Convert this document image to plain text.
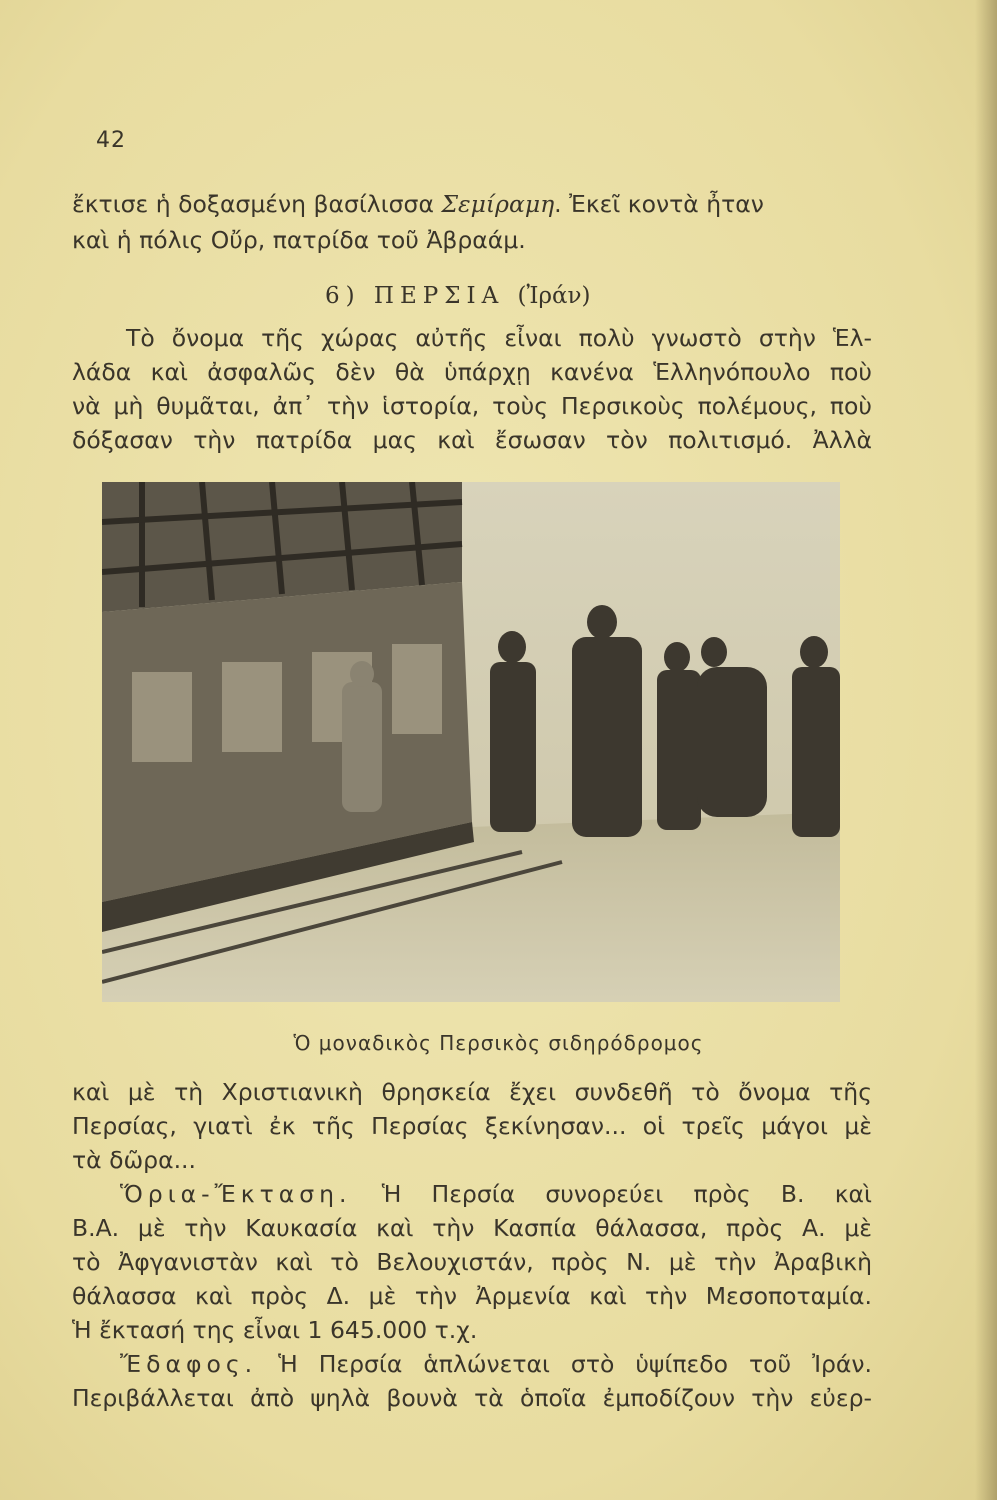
42
ἔκτισε ἡ δοξασμένη βασίλισσα Σεμίραμη. Ἐκεῖ κοντὰ ἦταν
καὶ ἡ πόλις Οὔρ, πατρίδα τοῦ Ἀβραάμ.
6) ΠΕΡΣΙΑ (Ἰράν)
Τὸ ὄνομα τῆς χώρας αὐτῆς εἶναι πολὺ γνωστὸ στὴν Ἑλ-
λάδα καὶ ἀσφαλῶς δὲν θὰ ὑπάρχῃ κανένα Ἑλληνόπουλο ποὺ
νὰ μὴ θυμᾶται, ἀπ᾽ τὴν ἱστορία, τοὺς Περσικοὺς πολέμους, ποὺ
δόξασαν τὴν πατρίδα μας καὶ ἔσωσαν τὸν πολιτισμό. Ἀλλὰ
Ὁ μοναδικὸς Περσικὸς σιδηρόδρομος
καὶ μὲ τὴ Χριστιανικὴ θρησκεία ἔχει συνδεθῆ τὸ ὄνομα τῆς
Περσίας, γιατὶ ἐκ τῆς Περσίας ξεκίνησαν... οἱ τρεῖς μάγοι μὲ
τὰ δῶρα...
Ὅρια-Ἔκταση. Ἡ Περσία συνορεύει πρὸς Β. καὶ
Β.Α. μὲ τὴν Καυκασία καὶ τὴν Κασπία θάλασσα, πρὸς Α. μὲ
τὸ Ἀφγανιστὰν καὶ τὸ Βελουχιστάν, πρὸς Ν. μὲ τὴν Ἀραβικὴ
θάλασσα καὶ πρὸς Δ. μὲ τὴν Ἀρμενία καὶ τὴν Μεσοποταμία.
Ἡ ἔκτασή της εἶναι 1 645.000 τ.χ.
Ἔδαφος. Ἡ Περσία ἁπλώνεται στὸ ὑψίπεδο τοῦ Ἰράν.
Περιβάλλεται ἀπὸ ψηλὰ βουνὰ τὰ ὁποῖα ἐμποδίζουν τὴν εὐερ-
